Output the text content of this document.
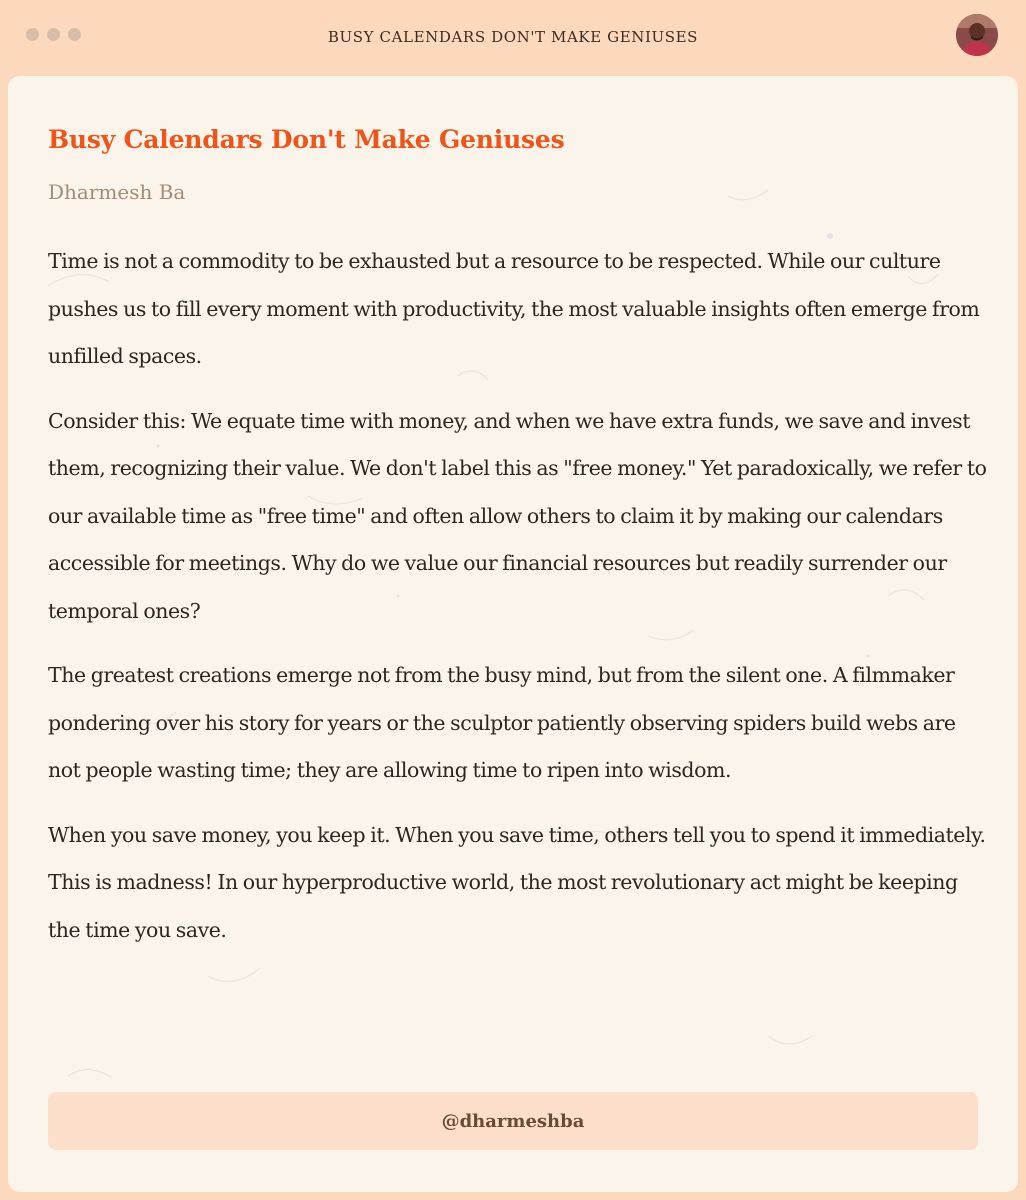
BUSY CALENDARS DON'T MAKE GENIUSES
Busy Calendars Don't Make Geniuses
Dharmesh Ba

Time is not a commodity to be exhausted but a resource to be respected. While our culture pushes us to fill every moment with productivity, the most valuable insights often emerge from unfilled spaces.

Consider this: We equate time with money, and when we have extra funds, we save and invest them, recognizing their value. We don't label this as "free money." Yet paradoxically, we refer to our available time as "free time" and often allow others to claim it by making our calendars accessible for meetings. Why do we value our financial resources but readily surrender our temporal ones?

The greatest creations emerge not from the busy mind, but from the silent one. A filmmaker pondering over his story for years or the sculptor patiently observing spiders build webs are not people wasting time; they are allowing time to ripen into wisdom.

When you save money, you keep it. When you save time, others tell you to spend it immediately. This is madness! In our hyperproductive world, the most revolutionary act might be keeping the time you save.

@dharmeshba
